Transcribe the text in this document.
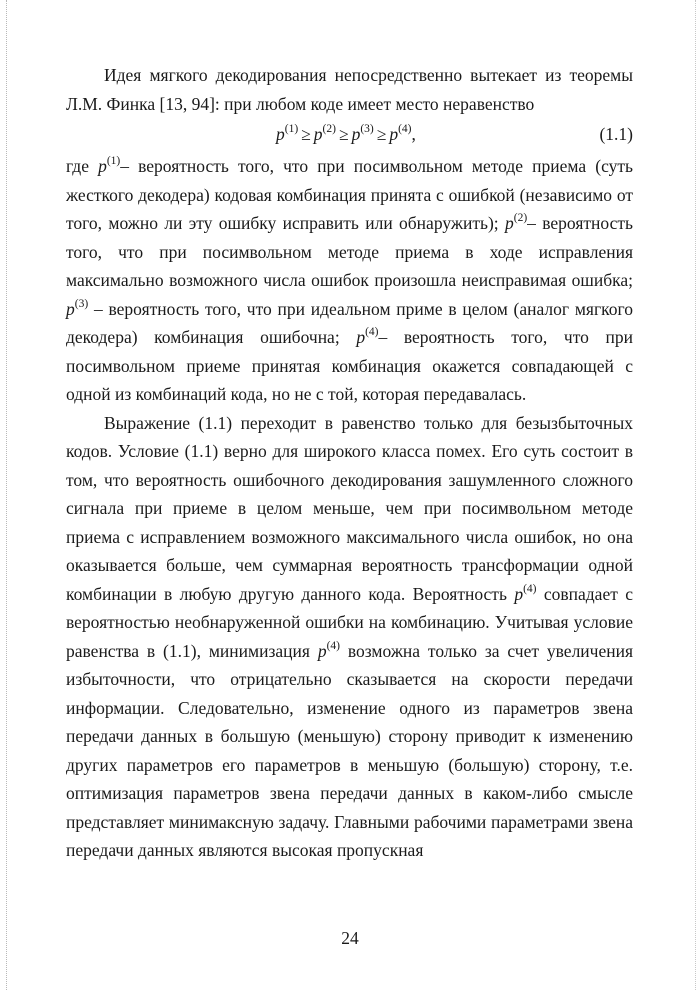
Идея мягкого декодирования непосредственно вытекает из теоремы Л.М. Финка [13, 94]: при любом коде имеет место неравенство

$p^{(1)} \ge p^{(2)} \ge p^{(3)} \ge p^{(4)}$,	(1.1)

где $p^{(1)}-$ вероятность того, что при посимвольном методе приема (суть жесткого декодера) кодовая комбинация принята с ошибкой (независимо от того, можно ли эту ошибку исправить или обнаружить); $p^{(2)}-$ вероятность того, что при посимвольном методе приема в ходе исправления максимально возможного числа ошибок произошла неисправимая ошибка; $p^{(3)}$ – вероятность того, что при идеальном приме в целом (аналог мягкого декодера) комбинация ошибочна; $p^{(4)}-$ вероятность того, что при посимвольном приеме принятая комбинация окажется совпадающей с одной из комбинаций кода, но не с той, которая передавалась.

Выражение (1.1) переходит в равенство только для безызбыточных кодов. Условие (1.1) верно для широкого класса помех. Его суть состоит в том, что вероятность ошибочного декодирования зашумленного сложного сигнала при приеме в целом меньше, чем при посимвольном методе приема с исправлением возможного максимального числа ошибок, но она оказывается больше, чем суммарная вероятность трансформации одной комбинации в любую другую данного кода. Вероятность $p^{(4)}$ совпадает с вероятностью необнаруженной ошибки на комбинацию. Учитывая условие равенства в (1.1), минимизация $p^{(4)}$ возможна только за счет увеличения избыточности, что отрицательно сказывается на скорости передачи информации. Следовательно, изменение одного из параметров звена передачи данных в большую (меньшую) сторону приводит к изменению других параметров его параметров в меньшую (большую) сторону, т.е. оптимизация параметров звена передачи данных в каком-либо смысле представляет минимаксную задачу. Главными рабочими параметрами звена передачи данных являются высокая пропускная

24
